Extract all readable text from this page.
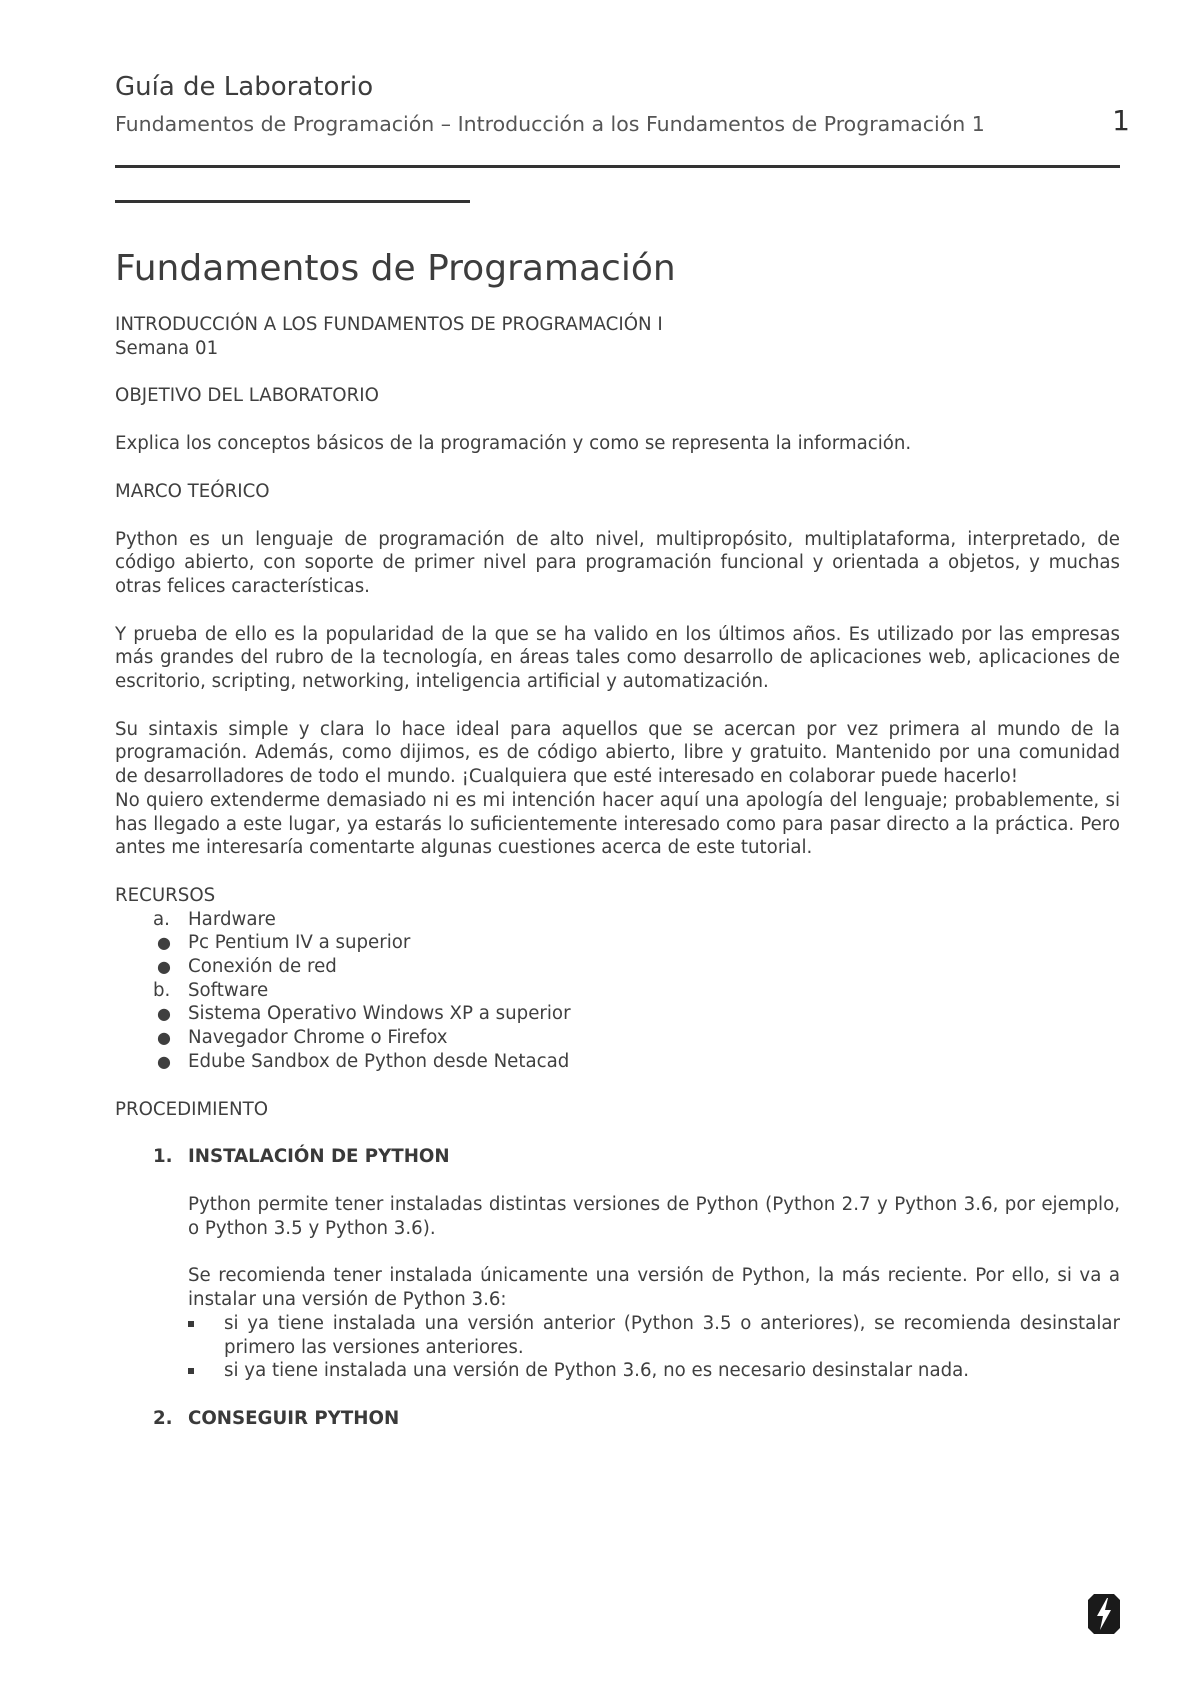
Guía de Laboratorio
Fundamentos de Programación – Introducción a los Fundamentos de Programación 1	1
Fundamentos de Programación
INTRODUCCIÓN A LOS FUNDAMENTOS DE PROGRAMACIÓN I
Semana 01
OBJETIVO DEL LABORATORIO
Explica los conceptos básicos de la programación y como se representa la información.
MARCO TEÓRICO
Python es un lenguaje de programación de alto nivel, multipropósito, multiplataforma, interpretado, de código abierto, con soporte de primer nivel para programación funcional y orientada a objetos, y muchas otras felices características.
Y prueba de ello es la popularidad de la que se ha valido en los últimos años. Es utilizado por las empresas más grandes del rubro de la tecnología, en áreas tales como desarrollo de aplicaciones web, aplicaciones de escritorio, scripting, networking, inteligencia artificial y automatización.
Su sintaxis simple y clara lo hace ideal para aquellos que se acercan por vez primera al mundo de la programación. Además, como dijimos, es de código abierto, libre y gratuito. Mantenido por una comunidad de desarrolladores de todo el mundo. ¡Cualquiera que esté interesado en colaborar puede hacerlo!
No quiero extenderme demasiado ni es mi intención hacer aquí una apología del lenguaje; probablemente, si has llegado a este lugar, ya estarás lo suficientemente interesado como para pasar directo a la práctica. Pero antes me interesaría comentarte algunas cuestiones acerca de este tutorial.
RECURSOS
a. Hardware
● Pc Pentium IV a superior
● Conexión de red
b. Software
● Sistema Operativo Windows XP a superior
● Navegador Chrome o Firefox
● Edube Sandbox de Python desde Netacad
PROCEDIMIENTO
1. INSTALACIÓN DE PYTHON
Python permite tener instaladas distintas versiones de Python (Python 2.7 y Python 3.6, por ejemplo, o Python 3.5 y Python 3.6).
Se recomienda tener instalada únicamente una versión de Python, la más reciente. Por ello, si va a instalar una versión de Python 3.6:
si ya tiene instalada una versión anterior (Python 3.5 o anteriores), se recomienda desinstalar primero las versiones anteriores.
si ya tiene instalada una versión de Python 3.6, no es necesario desinstalar nada.
2. CONSEGUIR PYTHON
